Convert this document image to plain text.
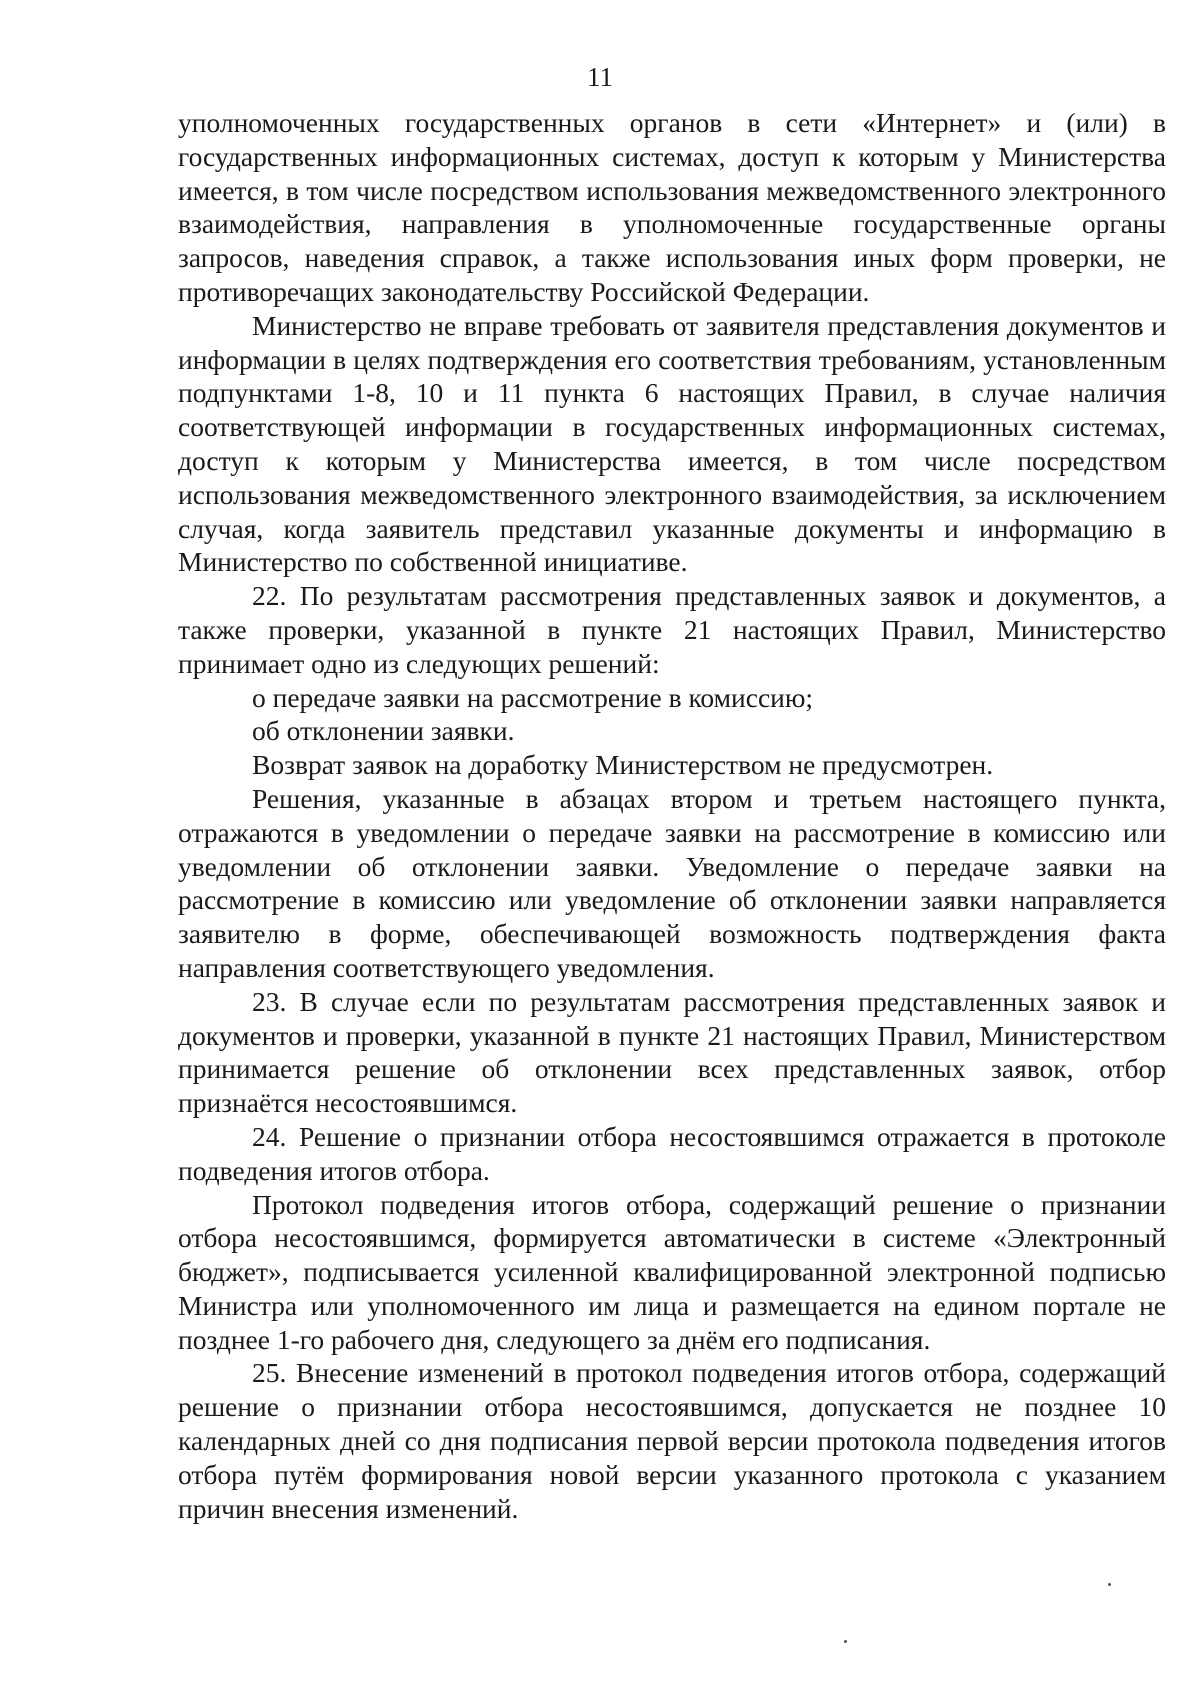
11

уполномоченных государственных органов в сети «Интернет» и (или) в государственных информационных системах, доступ к которым у Министерства имеется, в том числе посредством использования межведомственного электронного взаимодействия, направления в уполномоченные государственные органы запросов, наведения справок, а также использования иных форм проверки, не противоречащих законодательству Российской Федерации.

Министерство не вправе требовать от заявителя представления документов и информации в целях подтверждения его соответствия требованиям, установленным подпунктами 1-8, 10 и 11 пункта 6 настоящих Правил, в случае наличия соответствующей информации в государственных информационных системах, доступ к которым у Министерства имеется, в том числе посредством использования межведомственного электронного взаимодействия, за исключением случая, когда заявитель представил указанные документы и информацию в Министерство по собственной инициативе.

22. По результатам рассмотрения представленных заявок и документов, а также проверки, указанной в пункте 21 настоящих Правил, Министерство принимает одно из следующих решений:

о передаче заявки на рассмотрение в комиссию;

об отклонении заявки.

Возврат заявок на доработку Министерством не предусмотрен.

Решения, указанные в абзацах втором и третьем настоящего пункта, отражаются в уведомлении о передаче заявки на рассмотрение в комиссию или уведомлении об отклонении заявки. Уведомление о передаче заявки на рассмотрение в комиссию или уведомление об отклонении заявки направляется заявителю в форме, обеспечивающей возможность подтверждения факта направления соответствующего уведомления.

23. В случае если по результатам рассмотрения представленных заявок и документов и проверки, указанной в пункте 21 настоящих Правил, Министерством принимается решение об отклонении всех представленных заявок, отбор признаётся несостоявшимся.

24. Решение о признании отбора несостоявшимся отражается в протоколе подведения итогов отбора.

Протокол подведения итогов отбора, содержащий решение о признании отбора несостоявшимся, формируется автоматически в системе «Электронный бюджет», подписывается усиленной квалифицированной электронной подписью Министра или уполномоченного им лица и размещается на едином портале не позднее 1-го рабочего дня, следующего за днём его подписания.

25. Внесение изменений в протокол подведения итогов отбора, содержащий решение о признании отбора несостоявшимся, допускается не позднее 10 календарных дней со дня подписания первой версии протокола подведения итогов отбора путём формирования новой версии указанного протокола с указанием причин внесения изменений.
